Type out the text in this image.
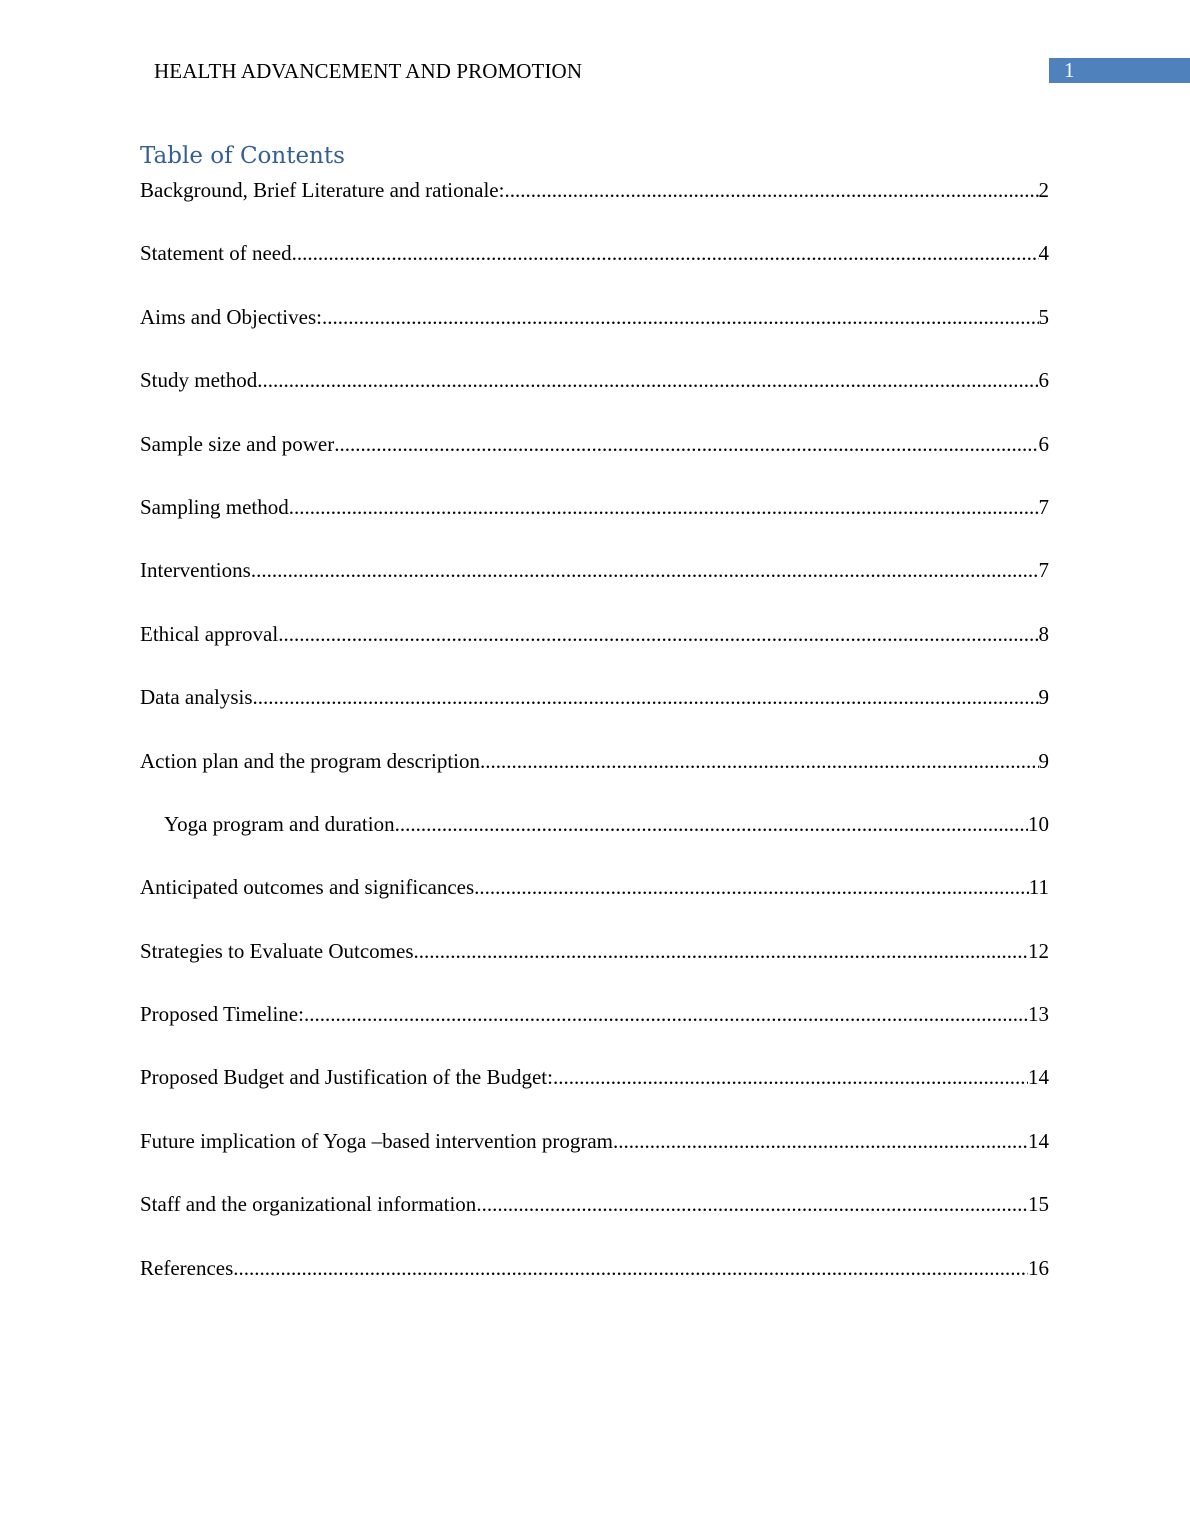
HEALTH ADVANCEMENT AND PROMOTION	1
Table of Contents
Background, Brief Literature and rationale: .....	2
Statement of need .....	4
Aims and Objectives: .....	5
Study method .....	6
Sample size and power .....	6
Sampling method .....	7
Interventions .....	7
Ethical approval .....	8
Data analysis .....	9
Action plan and the program description .....	9
Yoga program and duration .....	10
Anticipated outcomes and significances .....	11
Strategies to Evaluate Outcomes .....	12
Proposed Timeline: .....	13
Proposed Budget and Justification of the Budget: .....	14
Future implication of Yoga –based intervention program .....	14
Staff and the organizational information .....	15
References .....	16
